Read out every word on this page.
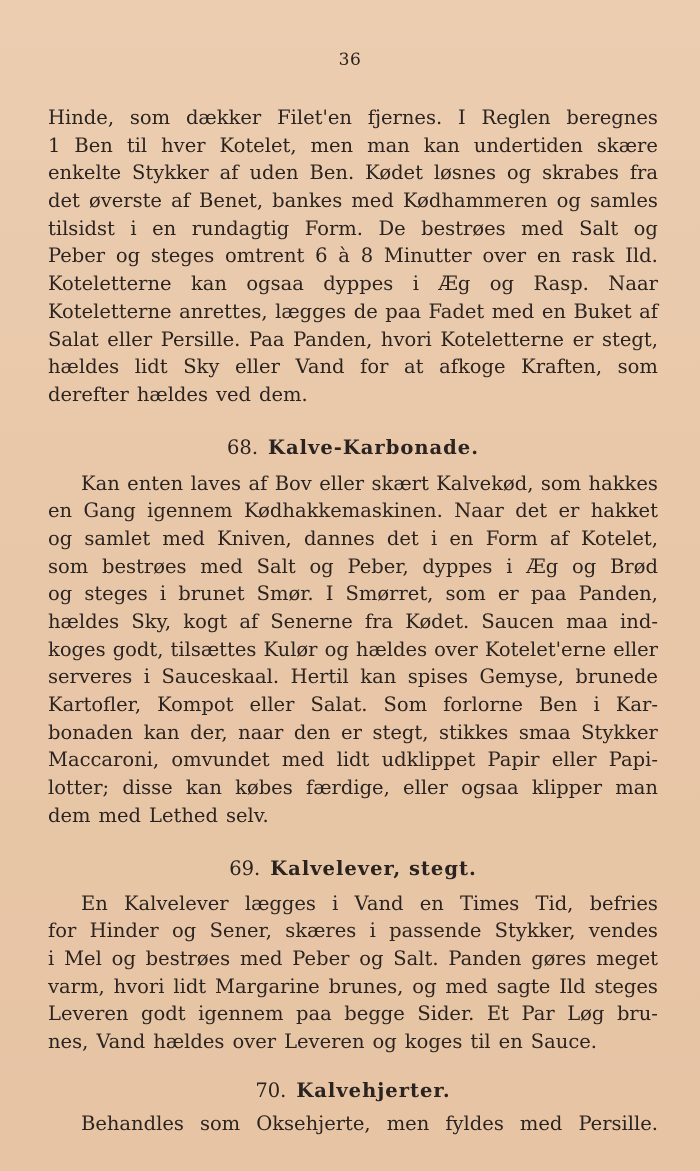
36
Hinde, som dækker Filet'en fjernes. I Reglen beregnes
1 Ben til hver Kotelet, men man kan undertiden skære
enkelte Stykker af uden Ben. Kødet løsnes og skrabes fra
det øverste af Benet, bankes med Kødhammeren og samles
tilsidst i en rundagtig Form. De bestrøes med Salt og
Peber og steges omtrent 6 à 8 Minutter over en rask Ild.
Koteletterne kan ogsaa dyppes i Æg og Rasp. Naar
Koteletterne anrettes, lægges de paa Fadet med en Buket af
Salat eller Persille. Paa Panden, hvori Koteletterne er stegt,
hældes lidt Sky eller Vand for at afkoge Kraften, som
derefter hældes ved dem.
68. Kalve-Karbonade.
Kan enten laves af Bov eller skært Kalvekød, som hakkes
en Gang igennem Kødhakkemaskinen. Naar det er hakket
og samlet med Kniven, dannes det i en Form af Kotelet,
som bestrøes med Salt og Peber, dyppes i Æg og Brød
og steges i brunet Smør. I Smørret, som er paa Panden,
hældes Sky, kogt af Senerne fra Kødet. Saucen maa ind-
koges godt, tilsættes Kulør og hældes over Kotelet'erne eller
serveres i Sauceskaal. Hertil kan spises Gemyse, brunede
Kartofler, Kompot eller Salat. Som forlorne Ben i Kar-
bonaden kan der, naar den er stegt, stikkes smaa Stykker
Maccaroni, omvundet med lidt udklippet Papir eller Papi-
lotter; disse kan købes færdige, eller ogsaa klipper man
dem med Lethed selv.
69. Kalvelever, stegt.
En Kalvelever lægges i Vand en Times Tid, befries
for Hinder og Sener, skæres i passende Stykker, vendes
i Mel og bestrøes med Peber og Salt. Panden gøres meget
varm, hvori lidt Margarine brunes, og med sagte Ild steges
Leveren godt igennem paa begge Sider. Et Par Løg bru-
nes, Vand hældes over Leveren og koges til en Sauce.
70. Kalvehjerter.
Behandles som Oksehjerte, men fyldes med Persille.
